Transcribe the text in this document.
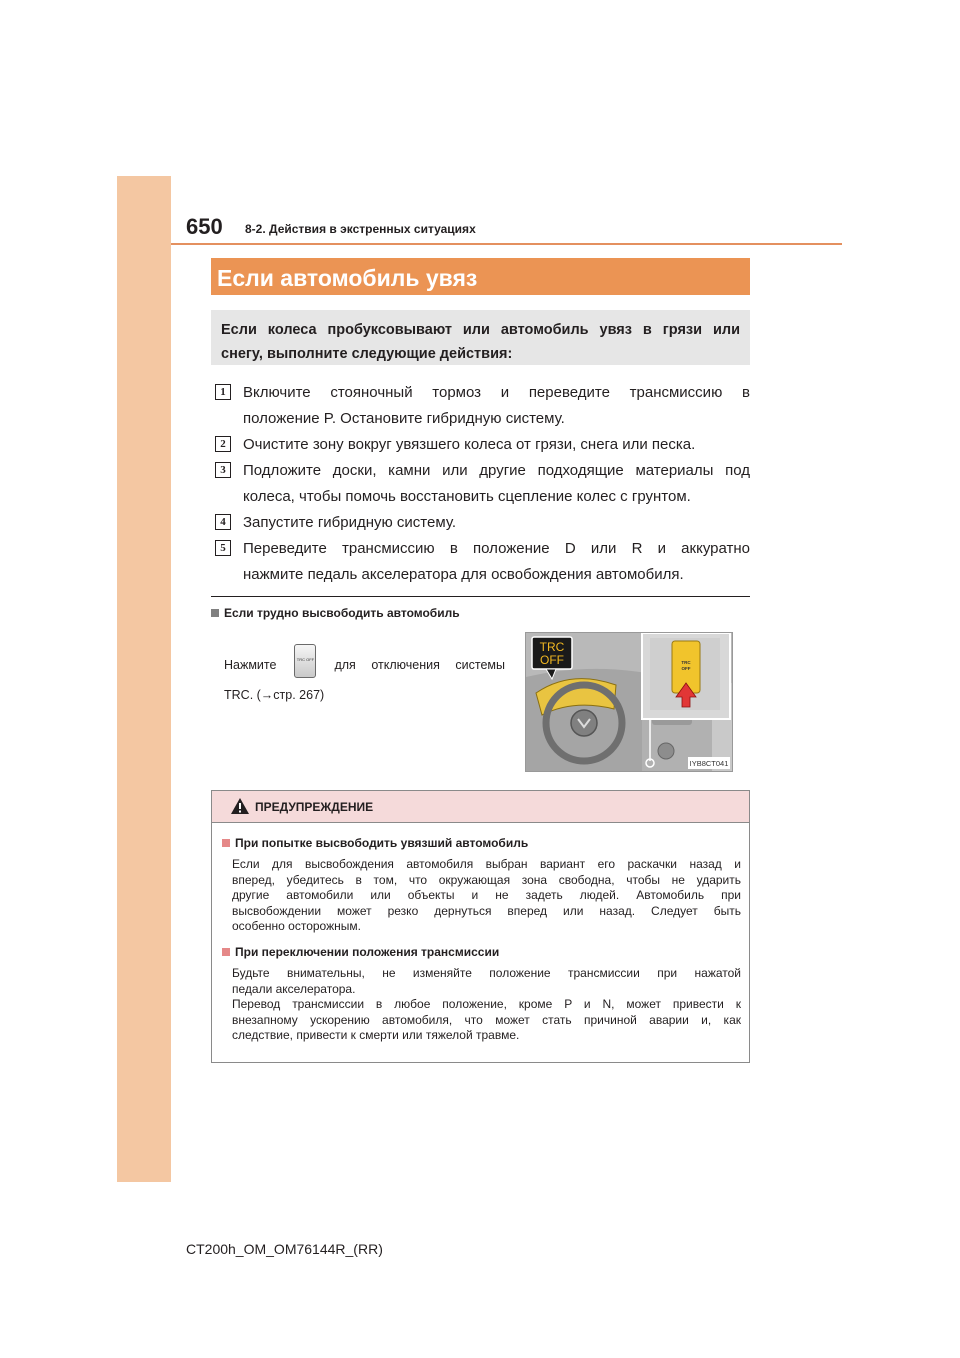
650 8-2. Действия в экстренных ситуациях
Если автомобиль увяз
Если колеса пробуксовывают или автомобиль увяз в грязи или
снегу, выполните следующие действия:
1	Включите стояночный тормоз и переведите трансмиссию в
положение P. Остановите гибридную систему.
2	Очистите зону вокруг увязшего колеса от грязи, снега или песка.
3	Подложите доски, камни или другие подходящие материалы под
колеса, чтобы помочь восстановить сцепление колес с грунтом.
4	Запустите гибридную систему.
5	Переведите трансмиссию в положение D или R и аккуратно
нажмите педаль акселератора для освобождения автомобиля.
Если трудно высвободить автомобиль
Нажмите	TRC OFF для отключения системы
TRC. (→стр. 267)
TRC
OFF
TRC
OFF
IYB8CT041
ПРЕДУПРЕЖДЕНИЕ
При попытке высвободить увязший автомобиль
Если для высвобождения автомобиля выбран вариант его раскачки назад и
вперед, убедитесь в том, что окружающая зона свободна, чтобы не ударить
другие автомобили или объекты и не задеть людей. Автомобиль при
высвобождении может резко дернуться вперед или назад. Следует быть
особенно осторожным.
При переключении положения трансмиссии
Будьте внимательны, не изменяйте положение трансмиссии при нажатой
педали акселератора.
Перевод трансмиссии в любое положение, кроме P и N, может привести к
внезапному ускорению автомобиля, что может стать причиной аварии и, как
следствие, привести к смерти или тяжелой травме.
CT200h_OM_OM76144R_(RR)
